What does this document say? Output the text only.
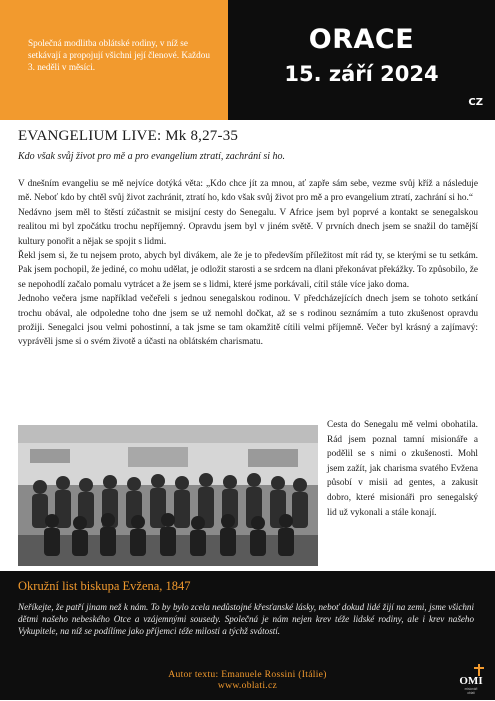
Společná modlitba oblátské rodiny, v níž se setkávají a propojují všichni její členové. Každou 3. neděli v měsíci.
ORACE
15. září 2024
CZ
EVANGELIUM LIVE: Mk 8,27-35
Kdo však svůj život pro mě a pro evangelium ztratí, zachrání si ho.

V dnešním evangeliu se mě nejvíce dotýká věta: „Kdo chce jít za mnou, ať zapře sám sebe, vezme svůj kříž a následuje mě. Neboť kdo by chtěl svůj život zachránit, ztratí ho, kdo však svůj život pro mě a pro evangelium ztratí, zachrání si ho.“

Nedávno jsem měl to štěstí zúčastnit se misijní cesty do Senegalu. V Africe jsem byl poprvé a kontakt se senegalskou realitou mi byl zpočátku trochu nepříjemný. Opravdu jsem byl v jiném světě. V prvních dnech jsem se snažil do tamější kultury ponořit a nějak se spojit s lidmi.

Řekl jsem si, že tu nejsem proto, abych byl divákem, ale že je to především příležitost mít rád ty, se kterými se tu setkám. Pak jsem pochopil, že jediné, co mohu udělat, je odložit starosti a se srdcem na dlani překonávat překážky. To způsobilo, že se nepohodlí začalo pomalu vytrácet a že jsem se s lidmi, které jsme porkávali, cítil stále více jako doma.

Jednoho večera jsme například večeřeli s jednou senegalskou rodinou. V předcházejících dnech jsem se tohoto setkání trochu obával, ale odpoledne toho dne jsem se už nemohl dočkat, až se s rodinou seznámím a tuto zkušenost opravdu prožiji. Senegalci jsou velmi pohostinní, a tak jsme se tam okamžitě cítili velmi příjemně. Večer byl krásný a zajímavý: vyprávěli jsme si o svém životě a účasti na oblátském charismatu.

Cesta do Senegalu mě velmi obohatila. Rád jsem poznal tamní misionáře a podělil se s nimi o zkušenosti. Mohl jsem zažít, jak charisma svatého Evžena působí v misii ad gentes, a zakusit dobro, které misionáři pro senegalský lid už vykonali a stále konají.
Okružní list biskupa Evžena, 1847
Neříkejte, že patří jinam než k nám. To by bylo zcela nedůstojné křesťanské lásky, neboť dokud lidé žijí na zemi, jsme všichni dětmi našeho nebeského Otce a vzájemnými sousedy. Společná je nám nejen krev téže lidské rodiny, ale i krev našeho Vykupitele, na níž se podílíme jako příjemci téže milosti a týchž svátostí.
Autor textu: Emanuele Rossini (Itálie)
www.oblati.cz	OMI
misionáři
oblati
